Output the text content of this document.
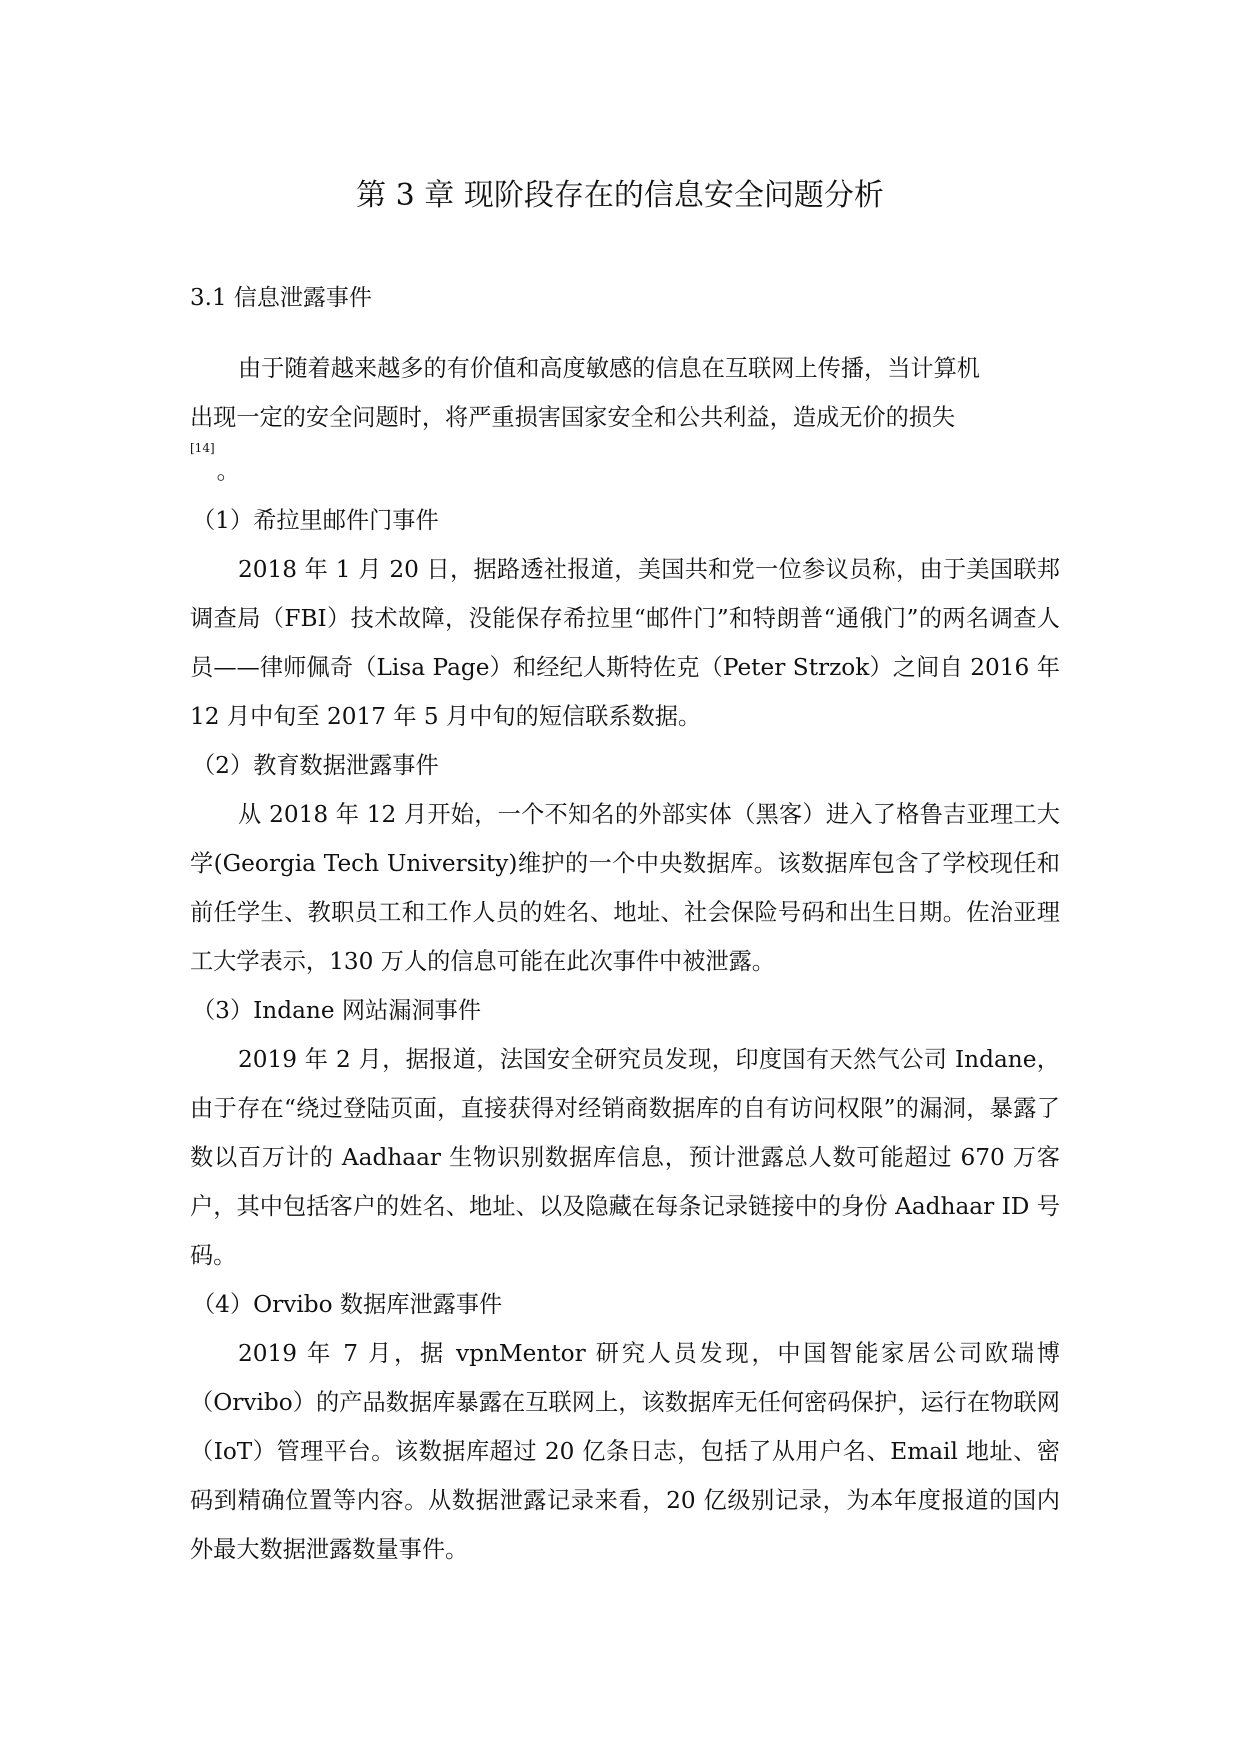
第 3 章 现阶段存在的信息安全问题分析
3.1 信息泄露事件

由于随着越来越多的有价值和高度敏感的信息在互联网上传播，当计算机
出现一定的安全问题时，将严重损害国家安全和公共利益，造成无价的损失
[14]。

（1）希拉里邮件门事件

2018 年 1 月 20 日，据路透社报道，美国共和党一位参议员称，由于美国联邦调查局（FBI）技术故障，没能保存希拉里“邮件门”和特朗普“通俄门”的两名调查人员——律师佩奇（Lisa Page）和经纪人斯特佐克（Peter Strzok）之间自 2016 年 12 月中旬至 2017 年 5 月中旬的短信联系数据。

（2）教育数据泄露事件

从 2018 年 12 月开始，一个不知名的外部实体（黑客）进入了格鲁吉亚理工大学(Georgia Tech University)维护的一个中央数据库。该数据库包含了学校现任和前任学生、教职员工和工作人员的姓名、地址、社会保险号码和出生日期。佐治亚理工大学表示，130 万人的信息可能在此次事件中被泄露。

（3）Indane 网站漏洞事件

2019 年 2 月，据报道，法国安全研究员发现，印度国有天然气公司 Indane，由于存在“绕过登陆页面，直接获得对经销商数据库的自有访问权限”的漏洞，暴露了数以百万计的 Aadhaar 生物识别数据库信息，预计泄露总人数可能超过 670 万客户，其中包括客户的姓名、地址、以及隐藏在每条记录链接中的身份 Aadhaar ID 号码。

（4）Orvibo 数据库泄露事件

2019 年 7 月，据 vpnMentor 研究人员发现，中国智能家居公司欧瑞博（Orvibo）的产品数据库暴露在互联网上，该数据库无任何密码保护，运行在物联网（IoT）管理平台。该数据库超过 20 亿条日志，包括了从用户名、Email 地址、密码到精确位置等内容。从数据泄露记录来看，20 亿级别记录，为本年度报道的国内外最大数据泄露数量事件。
